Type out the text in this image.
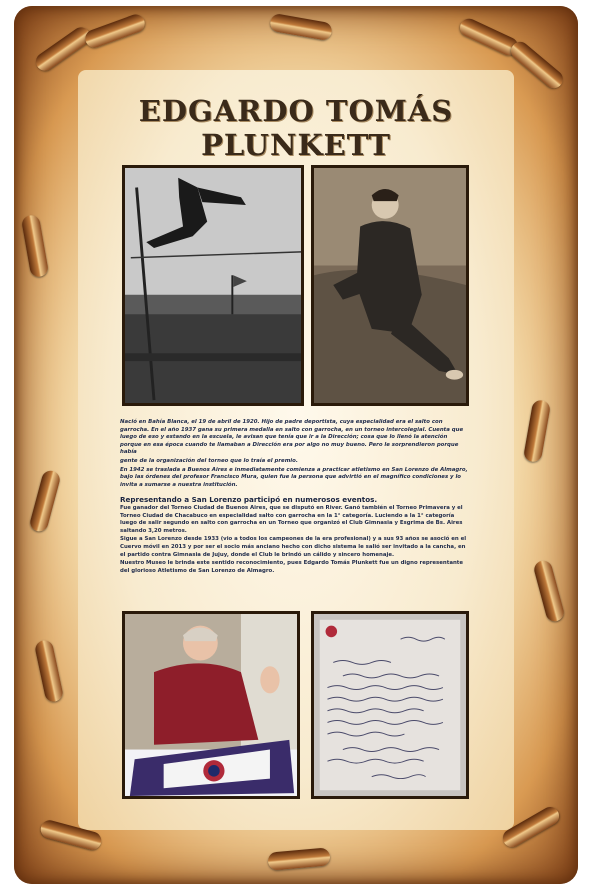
EDGARDO TOMÁS
PLUNKETT

Nació en Bahía Blanca, el 19 de abril de 1920. Hijo de padre deportista, cuya especialidad era el salto con garrocha. En el año 1937 gana su primera medalla en salto con garrocha, en un torneo intercolegial. Cuenta que luego de eso y estando en la escuela, le avisan que tenía que ir a la Dirección; cosa que lo llenó la atención porque en esa época cuando te llamaban a Dirección era por algo no muy bueno. Pero le sorprendieron porque había

gente de la organización del torneo que lo traía el premio.

En 1942 se traslada a Buenos Aires e inmediatamente comienza a practicar atletismo en San Lorenzo de Almagro, bajo las órdenes del profesor Francisco Mura, quien fue la persona que advirtió en el magnífico condiciones y lo invita a sumarse a nuestra institución.

Representando a San Lorenzo participó en numerosos eventos.

Fue ganador del Torneo Ciudad de Buenos Aires, que se disputó en River. Ganó también el Torneo Primavera y el Torneo Ciudad de Chacabuco en especialidad salto con garrocha en la 1° categoría. Luciendo a la 1° categoría luego de salir segundo en salto con garrocha en un Torneo que organizó el Club Gimnasia y Esgrima de Bs. Aires saltando 3,20 metros.

Sigue a San Lorenzo desde 1933 (vio a todos los campeones de la era profesional) y a sus 93 años se asoció en el Cuervo móvil en 2013 y por ser el socio más anciano hecho con dicho sistema le salió ser invitado a la cancha, en el partido contra Gimnasia de Jujuy, donde el Club le brindó un cálido y sincero homenaje.

Nuestro Museo le brinda este sentido reconocimiento, pues Edgardo Tomás Plunkett fue un digno representante del glorioso Atletismo de San Lorenzo de Almagro.
